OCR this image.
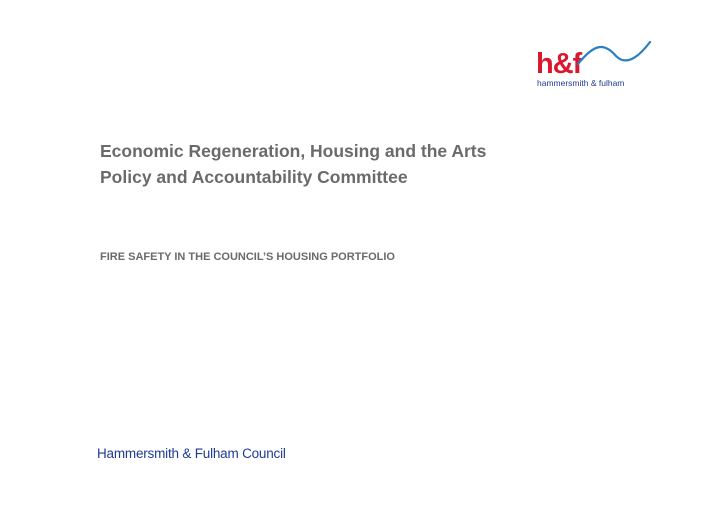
h&f
hammersmith & fulham
Economic Regeneration, Housing and the Arts
Policy and Accountability Committee
FIRE SAFETY IN THE COUNCIL’S HOUSING PORTFOLIO
Hammersmith & Fulham Council
